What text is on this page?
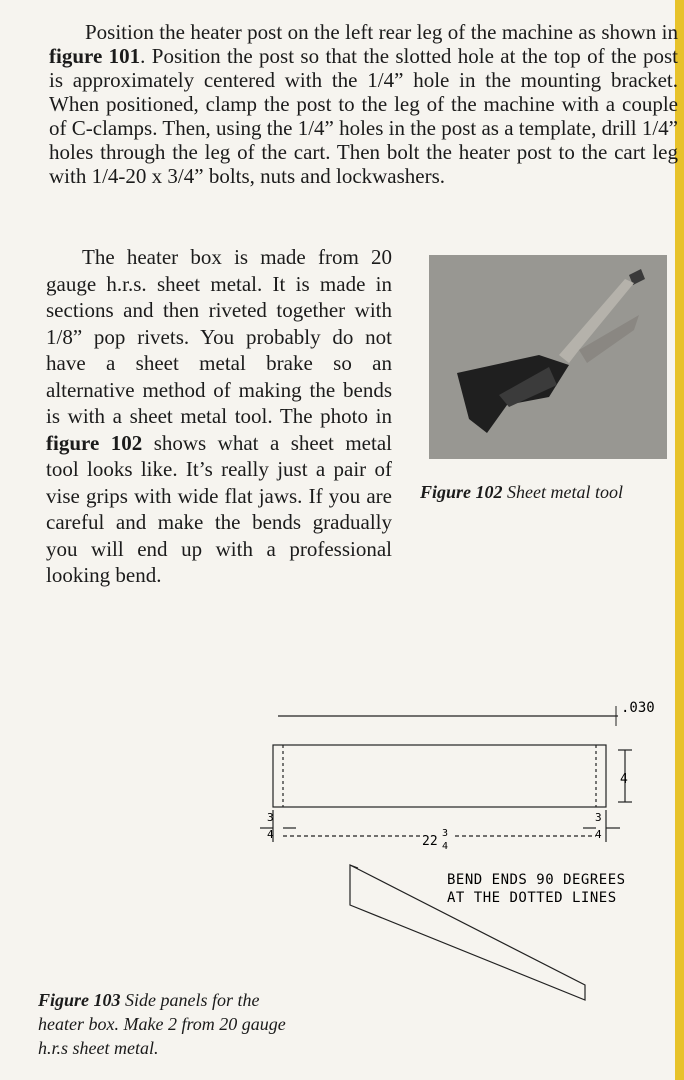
Position the heater post on the left rear leg of the machine as shown in figure 101. Position the post so that the slotted hole at the top of the post is approximately centered with the 1/4” hole in the mounting bracket. When positioned, clamp the post to the leg of the machine with a couple of C-clamps. Then, using the 1/4” holes in the post as a template, drill 1/4” holes through the leg of the cart. Then bolt the heater post to the cart leg with 1/4-20 x 3/4” bolts, nuts and lockwashers.

The heater box is made from 20 gauge h.r.s. sheet metal. It is made in sections and then riveted together with 1/8” pop rivets. You probably do not have a sheet metal brake so an alternative method of making the bends is with a sheet metal tool. The photo in figure 102 shows what a sheet metal tool looks like. It’s really just a pair of vise grips with wide flat jaws. If you are careful and make the bends gradually you will end up with a professional looking bend.

Figure 102 Sheet metal tool

.030
4
3
4
3
4
22
3
4
BEND ENDS 90 DEGREES
AT THE DOTTED LINES

Figure 103 Side panels for the heater box. Make 2 from 20 gauge h.r.s sheet metal.
